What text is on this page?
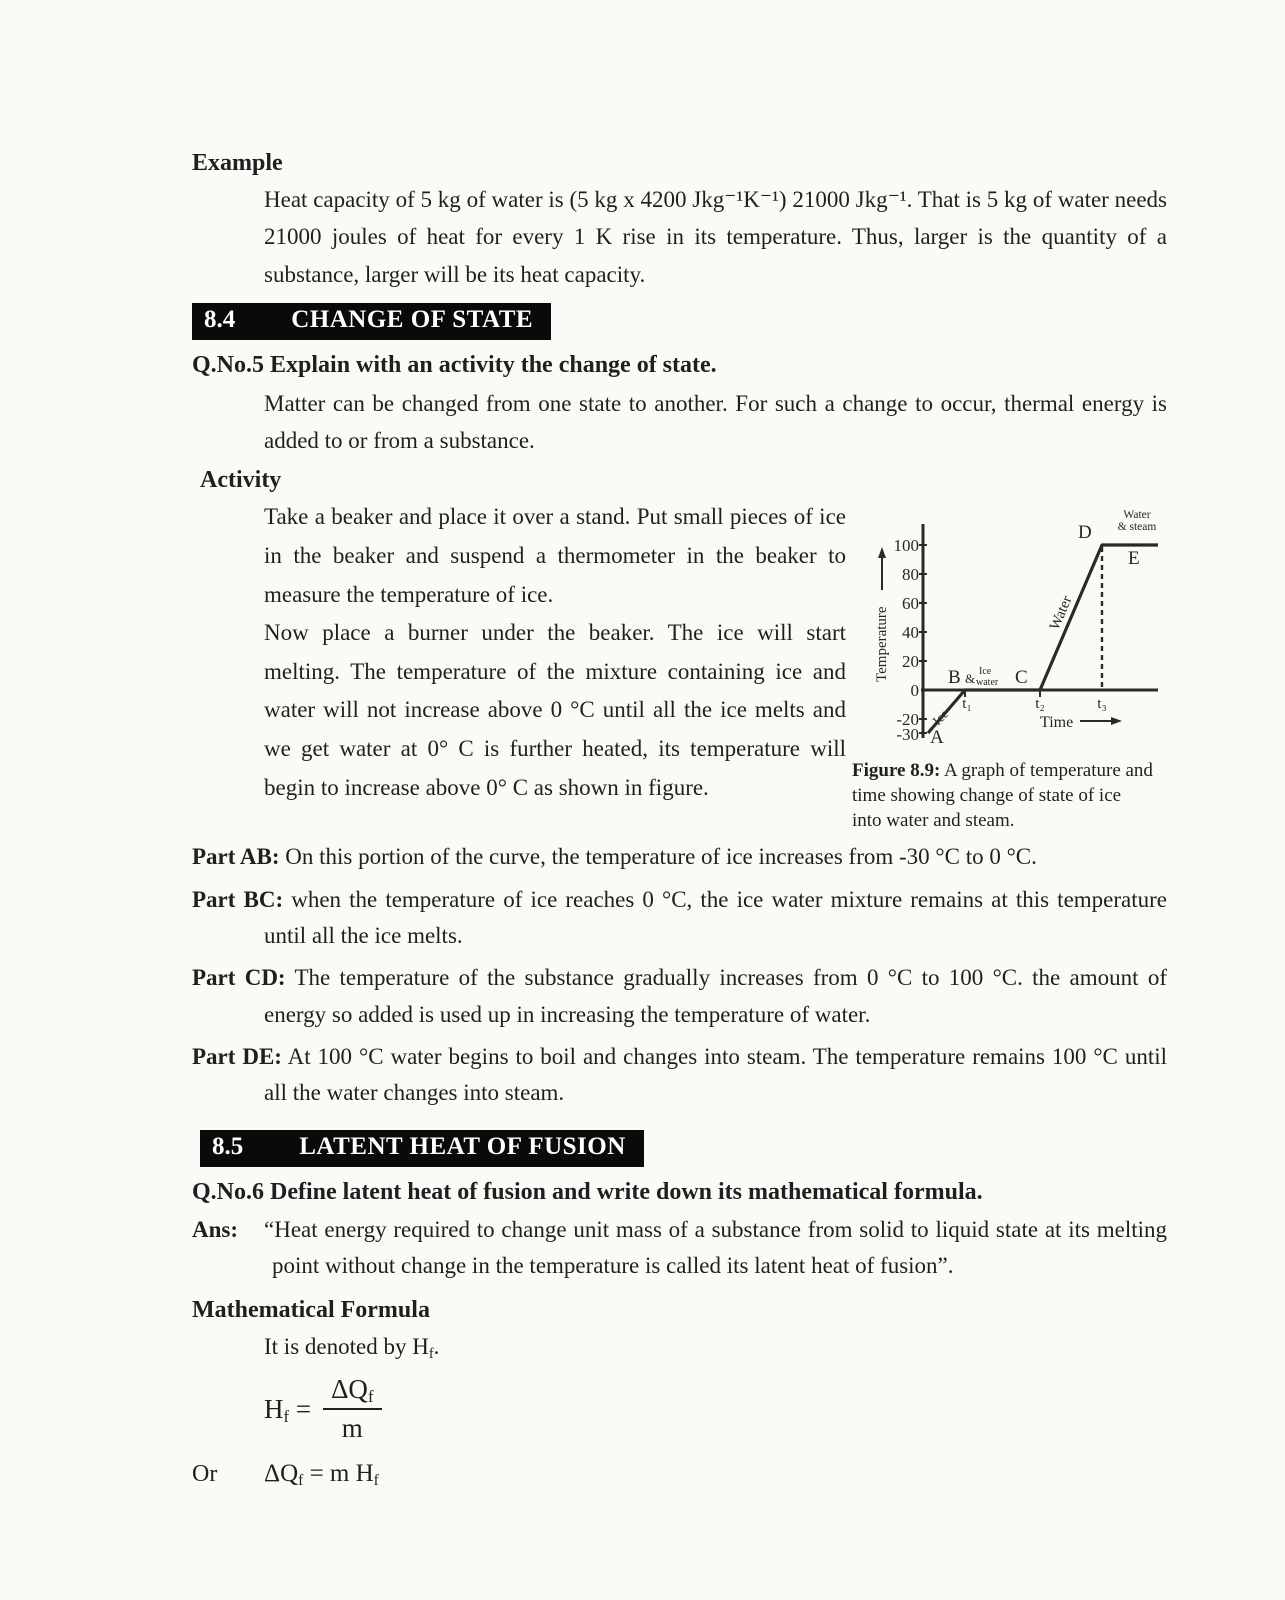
Example

Heat capacity of 5 kg of water is (5 kg x 4200 Jkg⁻¹K⁻¹) 21000 Jkg⁻¹. That is 5 kg of water needs 21000 joules of heat for every 1 K rise in its temperature. Thus, larger is the quantity of a substance, larger will be its heat capacity.

8.4 CHANGE OF STATE
Q.No.5 Explain with an activity the change of state.

Matter can be changed from one state to another. For such a change to occur, thermal energy is added to or from a substance.

Activity

Take a beaker and place it over a stand. Put small pieces of ice in the beaker and suspend a thermometer in the beaker to measure the temperature of ice.

Now place a burner under the beaker. The ice will start melting. The temperature of the mixture containing ice and water will not increase above 0 °C until all the ice melts and we get water at 0° C is further heated, its temperature will begin to increase above 0° C as shown in figure.

100
80
60
40
20
0
-20
-30
t₁	t₂	t₃
A
B	C
D
E
Ice
& Ice
water
Water
Water
& steam
Temperature
Time
Figure 8.9: A graph of temperature and time showing change of state of ice into water and steam.

Part AB: On this portion of the curve, the temperature of ice increases from -30 °C to 0 °C.

Part BC: when the temperature of ice reaches 0 °C, the ice water mixture remains at this temperature until all the ice melts.

Part CD: The temperature of the substance gradually increases from 0 °C to 100 °C. the amount of energy so added is used up in increasing the temperature of water.

Part DE: At 100 °C water begins to boil and changes into steam. The temperature remains 100 °C until all the water changes into steam.

8.5 LATENT HEAT OF FUSION
Q.No.6 Define latent heat of fusion and write down its mathematical formula.

Ans: “Heat energy required to change unit mass of a substance from solid to liquid state at its melting point without change in the temperature is called its latent heat of fusion”.

Mathematical Formula
It is denoted by $H_f$.
$H_f = \frac{\Delta Q_f}{m}$
Or	$\Delta Q_f = m$ $H_f$
